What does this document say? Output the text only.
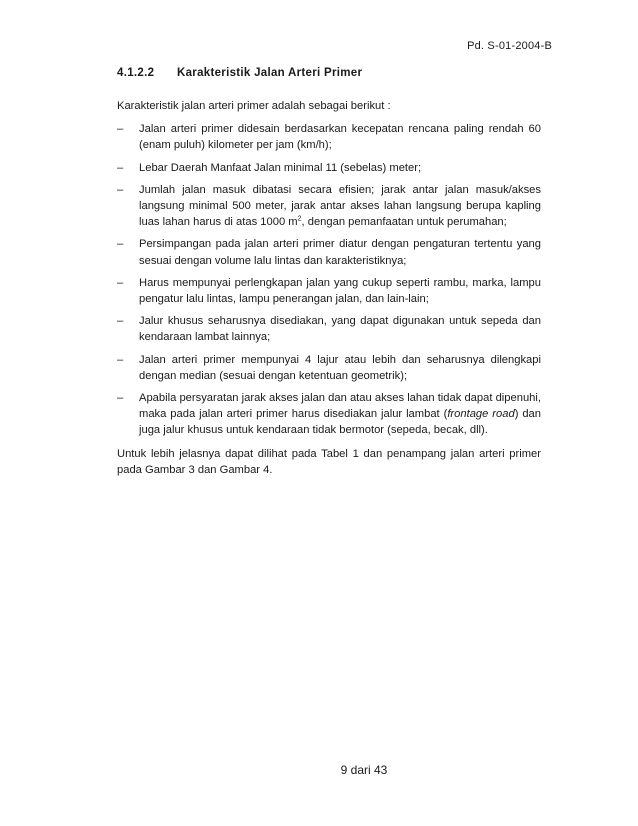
Pd. S-01-2004-B
4.1.2.2 Karakteristik Jalan Arteri Primer

Karakteristik jalan arteri primer adalah sebagai berikut :

– Jalan arteri primer didesain berdasarkan kecepatan rencana paling rendah 60 (enam puluh) kilometer per jam (km/h);
– Lebar Daerah Manfaat Jalan minimal 11 (sebelas) meter;
– Jumlah jalan masuk dibatasi secara efisien; jarak antar jalan masuk/akses langsung minimal 500 meter, jarak antar akses lahan langsung berupa kapling luas lahan harus di atas 1000 $m^2$, dengan pemanfaatan untuk perumahan;
– Persimpangan pada jalan arteri primer diatur dengan pengaturan tertentu yang sesuai dengan volume lalu lintas dan karakteristiknya;
– Harus mempunyai perlengkapan jalan yang cukup seperti rambu, marka, lampu pengatur lalu lintas, lampu penerangan jalan, dan lain-lain;
– Jalur khusus seharusnya disediakan, yang dapat digunakan untuk sepeda dan kendaraan lambat lainnya;
– Jalan arteri primer mempunyai 4 lajur atau lebih dan seharusnya dilengkapi dengan median (sesuai dengan ketentuan geometrik);
– Apabila persyaratan jarak akses jalan dan atau akses lahan tidak dapat dipenuhi, maka pada jalan arteri primer harus disediakan jalur lambat (frontage road) dan juga jalur khusus untuk kendaraan tidak bermotor (sepeda, becak, dll).

Untuk lebih jelasnya dapat dilihat pada Tabel 1 dan penampang jalan arteri primer pada Gambar 3 dan Gambar 4.

9 dari 43
